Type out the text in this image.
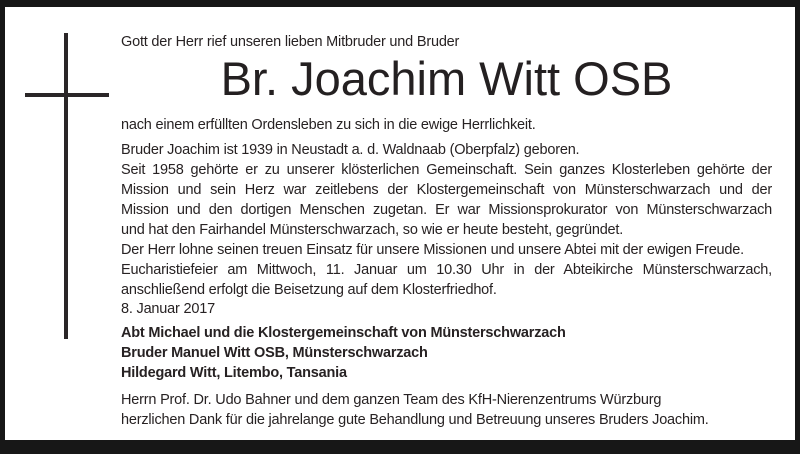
Gott der Herr rief unseren lieben Mitbruder und Bruder
Br. Joachim Witt OSB
nach einem erfüllten Ordensleben zu sich in die ewige Herrlichkeit.
Bruder Joachim ist 1939 in Neustadt a. d. Waldnaab (Oberpfalz) geboren.
Seit 1958 gehörte er zu unserer klösterlichen Gemeinschaft. Sein ganzes Klosterleben gehörte der
Mission und sein Herz war zeitlebens der Klostergemeinschaft von Münsterschwarzach und der
Mission und den dortigen Menschen zugetan. Er war Missionsprokurator von Münsterschwarzach
und hat den Fairhandel Münsterschwarzach, so wie er heute besteht, gegründet.
Der Herr lohne seinen treuen Einsatz für unsere Missionen und unsere Abtei mit der ewigen Freude.
Eucharistiefeier am Mittwoch, 11. Januar um 10.30 Uhr in der Abteikirche Münsterschwarzach,
anschließend erfolgt die Beisetzung auf dem Klosterfriedhof.
8. Januar 2017
Abt Michael und die Klostergemeinschaft von Münsterschwarzach
Bruder Manuel Witt OSB, Münsterschwarzach
Hildegard Witt, Litembo, Tansania
Herrn Prof. Dr. Udo Bahner und dem ganzen Team des KfH-Nierenzentrums Würzburg
herzlichen Dank für die jahrelange gute Behandlung und Betreuung unseres Bruders Joachim.
